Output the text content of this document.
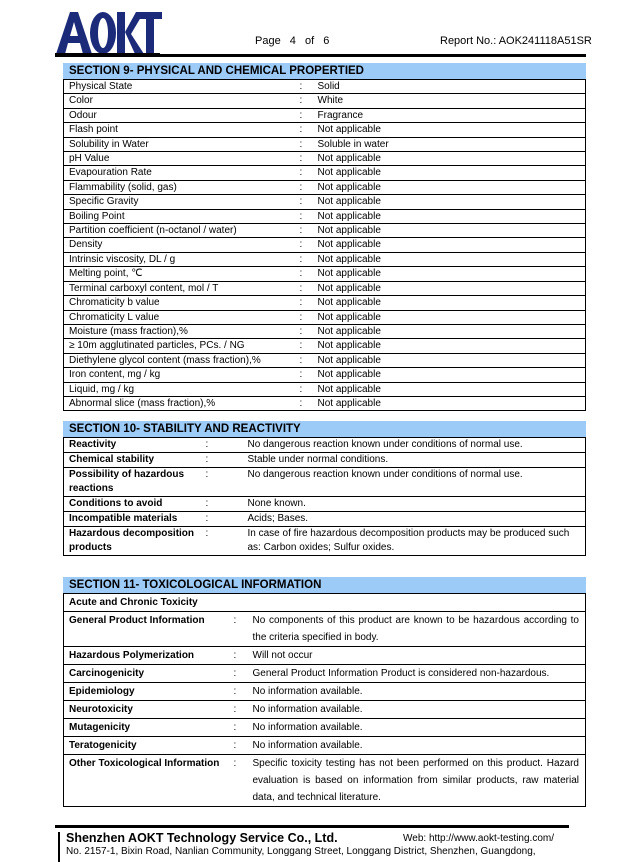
Page 4 of 6	Report No.: AOK241118A51SR
SECTION 9- PHYSICAL AND CHEMICAL PROPERTIED
Physical State	:	Solid
Color	:	White
Odour	:	Fragrance
Flash point	:	Not applicable
Solubility in Water	:	Soluble in water
pH Value	:	Not applicable
Evapouration Rate	:	Not applicable
Flammability (solid, gas)	:	Not applicable
Specific Gravity	:	Not applicable
Boiling Point	:	Not applicable
Partition coefficient (n-octanol / water)	:	Not applicable
Density	:	Not applicable
Intrinsic viscosity, DL / g	:	Not applicable
Melting point, ℃	:	Not applicable
Terminal carboxyl content, mol / T	:	Not applicable
Chromaticity b value	:	Not applicable
Chromaticity L value	:	Not applicable
Moisture (mass fraction),%	:	Not applicable
≥ 10m agglutinated particles, PCs. / NG	:	Not applicable
Diethylene glycol content (mass fraction),%	:	Not applicable
Iron content, mg / kg	:	Not applicable
Liquid, mg / kg	:	Not applicable
Abnormal slice (mass fraction),%	:	Not applicable
SECTION 10- STABILITY AND REACTIVITY
Reactivity	:	No dangerous reaction known under conditions of normal use.
Chemical stability	:	Stable under normal conditions.
Possibility of hazardous reactions	:	No dangerous reaction known under conditions of normal use.
Conditions to avoid	:	None known.
Incompatible materials	:	Acids; Bases.
Hazardous decomposition products	:	In case of fire hazardous decomposition products may be produced such as: Carbon oxides; Sulfur oxides.
SECTION 11- TOXICOLOGICAL INFORMATION
Acute and Chronic Toxicity		
General Product Information	:	No components of this product are known to be hazardous according to the criteria specified in body.
Hazardous Polymerization	:	Will not occur
Carcinogenicity	:	General Product Information Product is considered non-hazardous.
Epidemiology	:	No information available.
Neurotoxicity	:	No information available.
Mutagenicity	:	No information available.
Teratogenicity	:	No information available.
Other Toxicological Information	:	Specific toxicity testing has not been performed on this product. Hazard evaluation is based on information from similar products, raw material data, and technical literature.
Shenzhen AOKT Technology Service Co., Ltd.	Web: http://www.aokt-testing.com/
No. 2157-1, Bixin Road, Nanlian Community, Longgang Street, Longgang District, Shenzhen, Guangdong,
